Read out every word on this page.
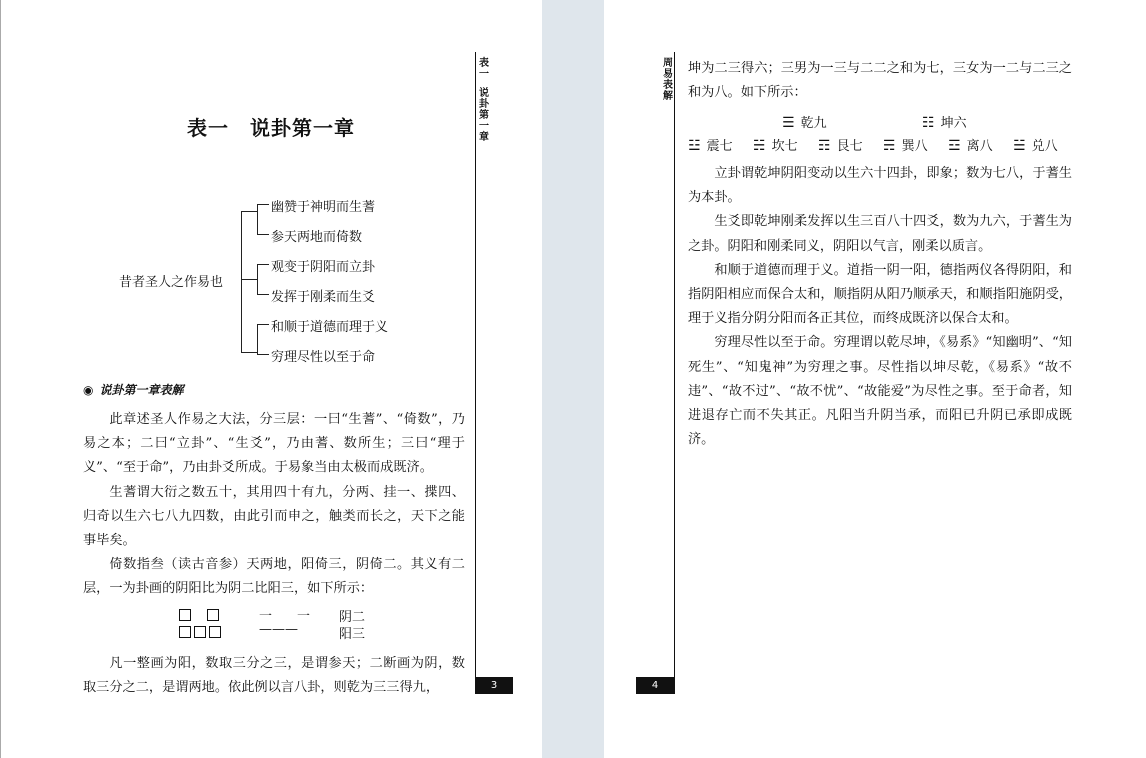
表一　说卦第一章
昔者圣人之作易也
幽赞于神明而生蓍
参天两地而倚数
观变于阴阳而立卦
发挥于刚柔而生爻
和顺于道德而理于义
穷理尽性以至于命
◉ 说卦第一章表解

此章述圣人作易之大法，分三层：一曰“生蓍”、“倚数”，乃易之本；二曰“立卦”、“生爻”，乃由蓍、数所生；三曰“理于义”、“至于命”，乃由卦爻所成。于易象当由太极而成既济。

生蓍谓大衍之数五十，其用四十有九，分两、挂一、揲四、归奇以生六七八九四数，由此引而申之，触类而长之，天下之能事毕矣。

倚数指叁（读古音参）天两地，阳倚三，阴倚二。其义有二层，一为卦画的阴阳比为阴二比阳三，如下所示：

一　一
———
阴二
阳三

凡一整画为阳，数取三分之三，是谓参天；二断画为阴，数取三分之二，是谓两地。依此例以言八卦，则乾为三三得九，

表
一
说
卦
第
一
章
3
周
易
表
解
4

坤为二三得六；三男为一三与二二之和为七，三女为一二与二三之和为八。如下所示：

☰ 乾九	☷ 坤六
☳ 震七 ☵ 坎七 ☶ 艮七 ☴ 巽八 ☲ 离八 ☱ 兑八

立卦谓乾坤阴阳变动以生六十四卦，即象；数为七八，于蓍生为本卦。

生爻即乾坤刚柔发挥以生三百八十四爻，数为九六，于蓍生为之卦。阴阳和刚柔同义，阴阳以气言，刚柔以质言。

和顺于道德而理于义。道指一阴一阳，德指两仪各得阴阳，和指阴阳相应而保合太和，顺指阴从阳乃顺承天，和顺指阳施阴受，理于义指分阴分阳而各正其位，而终成既济以保合太和。

穷理尽性以至于命。穷理谓以乾尽坤，《易系》“知幽明”、“知死生”、“知鬼神”为穷理之事。尽性指以坤尽乾，《易系》“故不违”、“故不过”、“故不忧”、“故能爱”为尽性之事。至于命者，知进退存亡而不失其正。凡阳当升阴当承，而阳已升阴已承即成既济。
